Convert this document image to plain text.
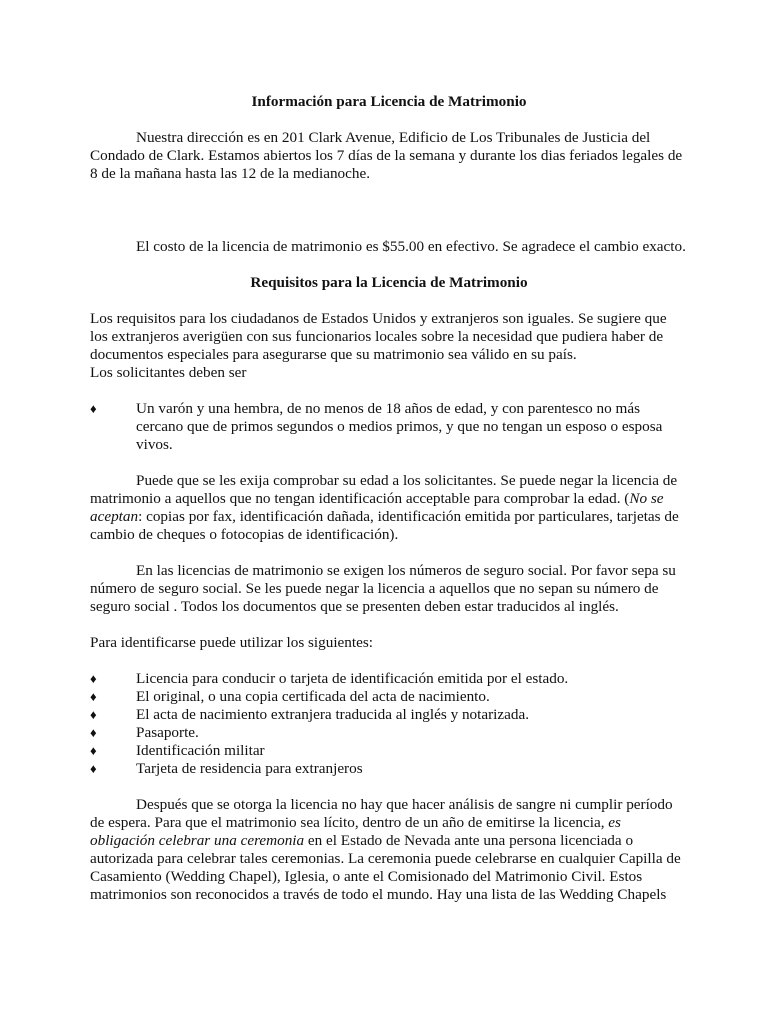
Información para Licencia de Matrimonio

Nuestra dirección es en 201 Clark Avenue, Edificio de Los Tribunales de Justicia del Condado de Clark. Estamos abiertos los 7 días de la semana y durante los dias feriados legales de 8 de la mañana hasta las 12 de la medianoche.

El costo de la licencia de matrimonio es $55.00 en efectivo. Se agradece el cambio exacto.

Requisitos para la Licencia de Matrimonio

Los requisitos para los ciudadanos de Estados Unidos y extranjeros son iguales. Se sugiere que los extranjeros averigüen con sus funcionarios locales sobre la necesidad que pudiera haber de documentos especiales para asegurarse que su matrimonio sea válido en su país.

Los solicitantes deben ser

♦	Un varón y una hembra, de no menos de 18 años de edad, y con parentesco no más cercano que de primos segundos o medios primos, y que no tengan un esposo o esposa vivos.

Puede que se les exija comprobar su edad a los solicitantes. Se puede negar la licencia de matrimonio a aquellos que no tengan identificación acceptable para comprobar la edad. (No se aceptan: copias por fax, identificación dañada, identificación emitida por particulares, tarjetas de cambio de cheques o fotocopias de identificación).

En las licencias de matrimonio se exigen los números de seguro social. Por favor sepa su número de seguro social. Se les puede negar la licencia a aquellos que no sepan su número de seguro social . Todos los documentos que se presenten deben estar traducidos al inglés.

Para identificarse puede utilizar los siguientes:

♦	Licencia para conducir o tarjeta de identificación emitida por el estado.
♦	El original, o una copia certificada del acta de nacimiento.
♦	El acta de nacimiento extranjera traducida al inglés y notarizada.
♦	Pasaporte.
♦	Identificación militar
♦	Tarjeta de residencia para extranjeros

Después que se otorga la licencia no hay que hacer análisis de sangre ni cumplir período de espera. Para que el matrimonio sea lícito, dentro de un año de emitirse la licencia, es obligación celebrar una ceremonia en el Estado de Nevada ante una persona licenciada o autorizada para celebrar tales ceremonias. La ceremonia puede celebrarse en cualquier Capilla de Casamiento (Wedding Chapel), Iglesia, o ante el Comisionado del Matrimonio Civil. Estos matrimonios son reconocidos a través de todo el mundo. Hay una lista de las Wedding Chapels
